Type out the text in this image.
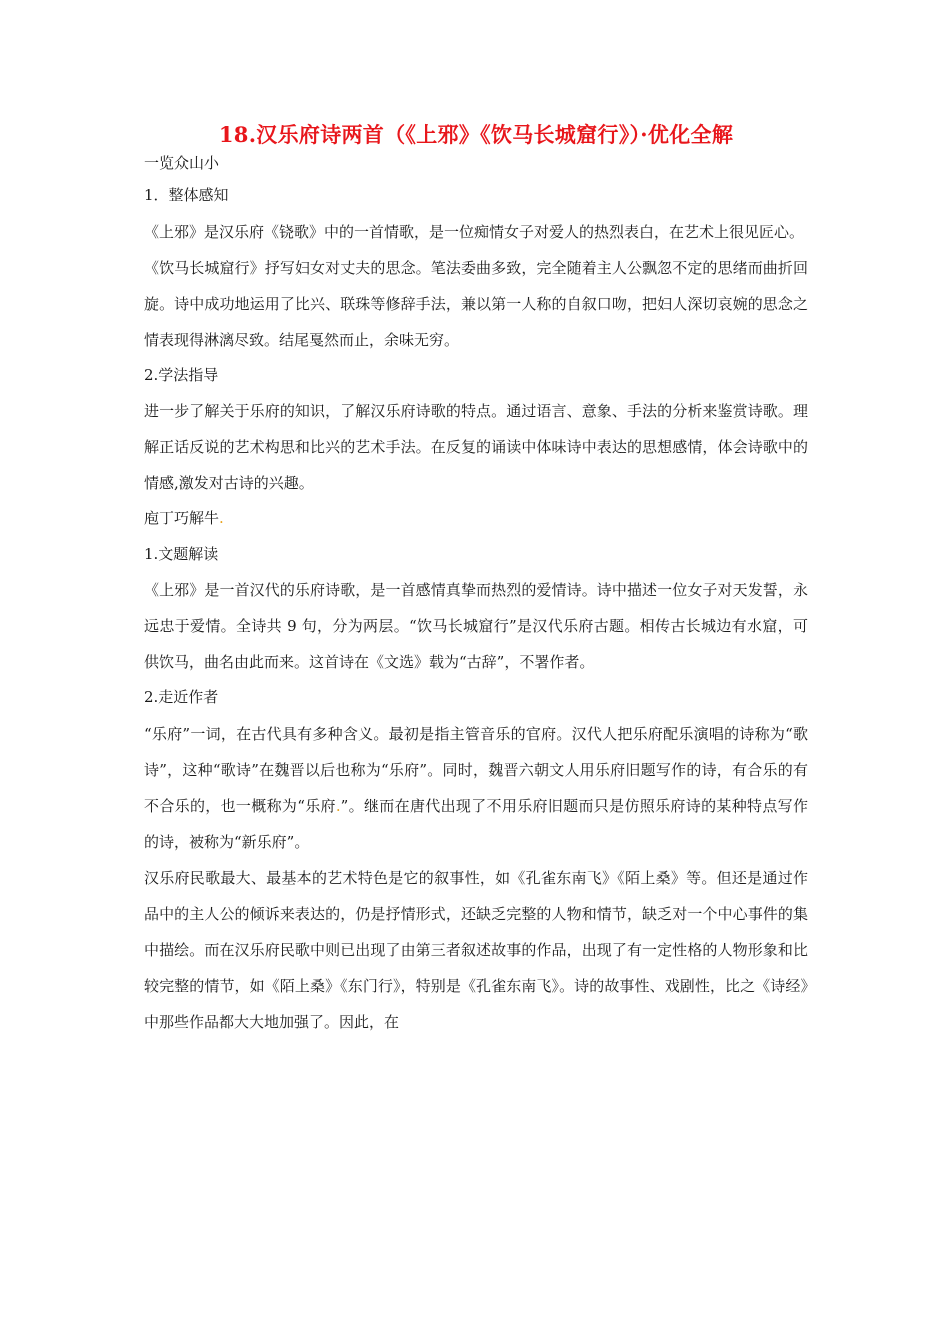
18.汉乐府诗两首（《上邪》《饮马长城窟行》）·优化全解

一览众山小

1．整体感知

《上邪》是汉乐府《铙歌》中的一首情歌，是一位痴情女子对爱人的热烈表白，在艺术上很见匠心。

《饮马长城窟行》抒写妇女对丈夫的思念。笔法委曲多致，完全随着主人公飘忽不定的思绪而曲折回旋。诗中成功地运用了比兴、联珠等修辞手法，兼以第一人称的自叙口吻，把妇人深切哀婉的思念之情表现得淋漓尽致。结尾戛然而止，余味无穷。

2.学法指导

进一步了解关于乐府的知识，了解汉乐府诗歌的特点。通过语言、意象、手法的分析来鉴赏诗歌。理解正话反说的艺术构思和比兴的艺术手法。在反复的诵读中体味诗中表达的思想感情，体会诗歌中的情感,激发对古诗的兴趣。

庖丁巧解牛.

1.文题解读

《上邪》是一首汉代的乐府诗歌，是一首感情真挚而热烈的爱情诗。诗中描述一位女子对天发誓，永远忠于爱情。全诗共 9 句，分为两层。“饮马长城窟行”是汉代乐府古题。相传古长城边有水窟，可供饮马，曲名由此而来。这首诗在《文选》载为“古辞”，不署作者。

2.走近作者

“乐府”一词，在古代具有多种含义。最初是指主管音乐的官府。汉代人把乐府配乐演唱的诗称为“歌诗”，这种“歌诗”在魏晋以后也称为“乐府”。同时，魏晋六朝文人用乐府旧题写作的诗，有合乐的有不合乐的，也一概称为“乐府.”。继而在唐代出现了不用乐府旧题而只是仿照乐府诗的某种特点写作的诗，被称为“新乐府”。

汉乐府民歌最大、最基本的艺术特色是它的叙事性，如《孔雀东南飞》《陌上桑》等。但还是通过作品中的主人公的倾诉来表达的，仍是抒情形式，还缺乏完整的人物和情节，缺乏对一个中心事件的集中描绘。而在汉乐府民歌中则已出现了由第三者叙述故事的作品，出现了有一定性格的人物形象和比较完整的情节，如《陌上桑》《东门行》，特别是《孔雀东南飞》。诗的故事性、戏剧性，比之《诗经》中那些作品都大大地加强了。因此，在
